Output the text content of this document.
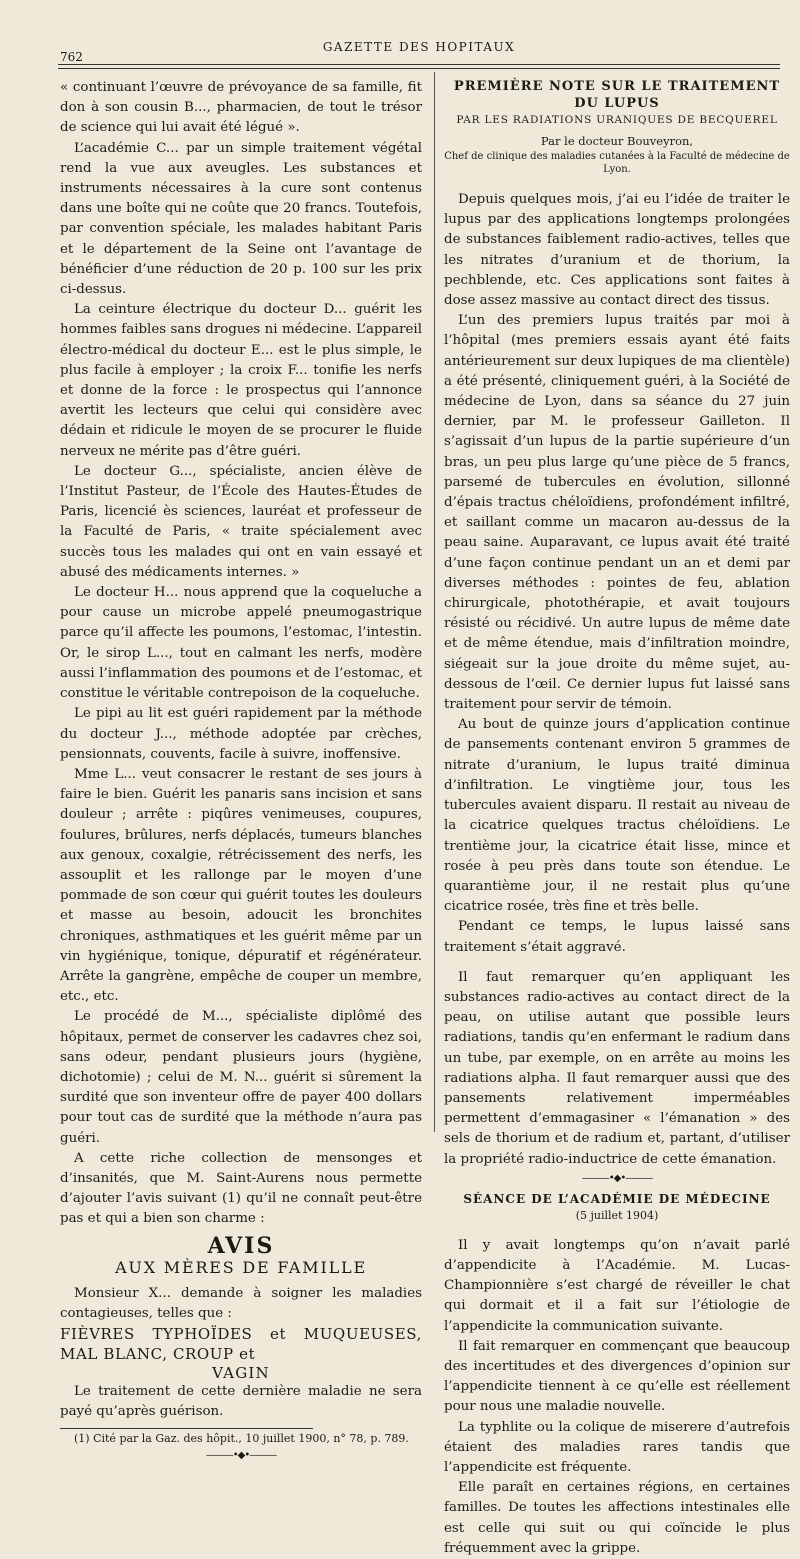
762
GAZETTE DES HOPITAUX

« continuant l’œuvre de prévoyance de sa famille, fit don à son cousin B..., pharmacien, de tout le trésor de science qui lui avait été légué ».

L’académie C... par un simple traitement végétal rend la vue aux aveugles. Les substances et instruments nécessaires à la cure sont contenus dans une boîte qui ne coûte que 20 francs. Toutefois, par convention spéciale, les malades habitant Paris et le département de la Seine ont l’avantage de bénéficier d’une réduction de 20 p. 100 sur les prix ci-dessus.

La ceinture électrique du docteur D... guérit les hommes faibles sans drogues ni médecine. L’appareil électro-médical du docteur E... est le plus simple, le plus facile à employer ; la croix F... tonifie les nerfs et donne de la force : le prospectus qui l’annonce avertit les lecteurs que celui qui considère avec dédain et ridicule le moyen de se procurer le fluide nerveux ne mérite pas d’être guéri.

Le docteur G..., spécialiste, ancien élève de l’Institut Pasteur, de l’École des Hautes-Études de Paris, licencié ès sciences, lauréat et professeur de la Faculté de Paris, « traite spécialement avec succès tous les malades qui ont en vain essayé et abusé des médicaments internes. »

Le docteur H... nous apprend que la coqueluche a pour cause un microbe appelé pneumogastrique parce qu’il affecte les poumons, l’estomac, l’intestin. Or, le sirop L..., tout en calmant les nerfs, modère aussi l’inflammation des poumons et de l’estomac, et constitue le véritable contrepoison de la coqueluche.

Le pipi au lit est guéri rapidement par la méthode du docteur J..., méthode adoptée par crèches, pensionnats, couvents, facile à suivre, inoffensive.

Mme L... veut consacrer le restant de ses jours à faire le bien. Guérit les panaris sans incision et sans douleur ; arrête : piqûres venimeuses, coupures, foulures, brûlures, nerfs déplacés, tumeurs blanches aux genoux, coxalgie, rétrécissement des nerfs, les assouplit et les rallonge par le moyen d’une pommade de son cœur qui guérit toutes les douleurs et masse au besoin, adoucit les bronchites chroniques, asthmatiques et les guérit même par un vin hygiénique, tonique, dépuratif et régénérateur. Arrête la gangrène, empêche de couper un membre, etc., etc.

Le procédé de M..., spécialiste diplômé des hôpitaux, permet de conserver les cadavres chez soi, sans odeur, pendant plusieurs jours (hygiène, dichotomie) ; celui de M. N... guérit si sûrement la surdité que son inventeur offre de payer 400 dollars pour tout cas de surdité que la méthode n’aura pas guéri.

A cette riche collection de mensonges et d’insanités, que M. Saint-Aurens nous permette d’ajouter l’avis suivant (1) qu’il ne connaît peut-être pas et qui a bien son charme :

AVIS
AUX MÈRES DE FAMILLE

Monsieur X... demande à soigner les maladies contagieuses, telles que :

FIÈVRES TYPHOÏDES et MUQUEUSES, MAL BLANC, CROUP et
VAGIN

Le traitement de cette dernière maladie ne sera payé qu’après guérison.

(1) Cité par la Gaz. des hôpit., 10 juillet 1900, n° 78, p. 789.
———•◆•———
PREMIÈRE NOTE SUR LE TRAITEMENT DU LUPUS
PAR LES RADIATIONS URANIQUES DE BECQUEREL
Par le docteur Bouveyron,
Chef de clinique des maladies cutanées à la Faculté de médecine de Lyon.

Depuis quelques mois, j’ai eu l’idée de traiter le lupus par des applications longtemps prolongées de substances faiblement radio-actives, telles que les nitrates d’uranium et de thorium, la pechblende, etc. Ces applications sont faites à dose assez massive au contact direct des tissus.

L’un des premiers lupus traités par moi à l’hôpital (mes premiers essais ayant été faits antérieurement sur deux lupiques de ma clientèle) a été présenté, cliniquement guéri, à la Société de médecine de Lyon, dans sa séance du 27 juin dernier, par M. le professeur Gailleton. Il s’agissait d’un lupus de la partie supérieure d’un bras, un peu plus large qu’une pièce de 5 francs, parsemé de tubercules en évolution, sillonné d’épais tractus chéloïdiens, profondément infiltré, et saillant comme un macaron au-dessus de la peau saine. Auparavant, ce lupus avait été traité d’une façon continue pendant un an et demi par diverses méthodes : pointes de feu, ablation chirurgicale, photothérapie, et avait toujours résisté ou récidivé. Un autre lupus de même date et de même étendue, mais d’infiltration moindre, siégeait sur la joue droite du même sujet, au-dessous de l’œil. Ce dernier lupus fut laissé sans traitement pour servir de témoin.

Au bout de quinze jours d’application continue de pansements contenant environ 5 grammes de nitrate d’uranium, le lupus traité diminua d’infiltration. Le vingtième jour, tous les tubercules avaient disparu. Il restait au niveau de la cicatrice quelques tractus chéloïdiens. Le trentième jour, la cicatrice était lisse, mince et rosée à peu près dans toute son étendue. Le quarantième jour, il ne restait plus qu’une cicatrice rosée, très fine et très belle.

Pendant ce temps, le lupus laissé sans traitement s’était aggravé.

Il faut remarquer qu’en appliquant les substances radio-actives au contact direct de la peau, on utilise autant que possible leurs radiations, tandis qu’en enfermant le radium dans un tube, par exemple, on en arrête au moins les radiations alpha. Il faut remarquer aussi que des pansements relativement imperméables permettent d’emmagasiner « l’émanation » des sels de thorium et de radium et, partant, d’utiliser la propriété radio-inductrice de cette émanation.

———•◆•———
SÉANCE DE L’ACADÉMIE DE MÉDECINE
(5 juillet 1904)

Il y avait longtemps qu’on n’avait parlé d’appendicite à l’Académie. M. Lucas-Championnière s’est chargé de réveiller le chat qui dormait et il a fait sur l’étiologie de l’appendicite la communication suivante.

Il fait remarquer en commençant que beaucoup des incertitudes et des divergences d’opinion sur l’appendicite tiennent à ce qu’elle est réellement pour nous une maladie nouvelle.

La typhlite ou la colique de miserere d’autrefois étaient des maladies rares tandis que l’appendicite est fréquente.

Elle paraît en certaines régions, en certaines familles. De toutes les affections intestinales elle est celle qui suit ou qui coïncide le plus fréquemment avec la grippe.
